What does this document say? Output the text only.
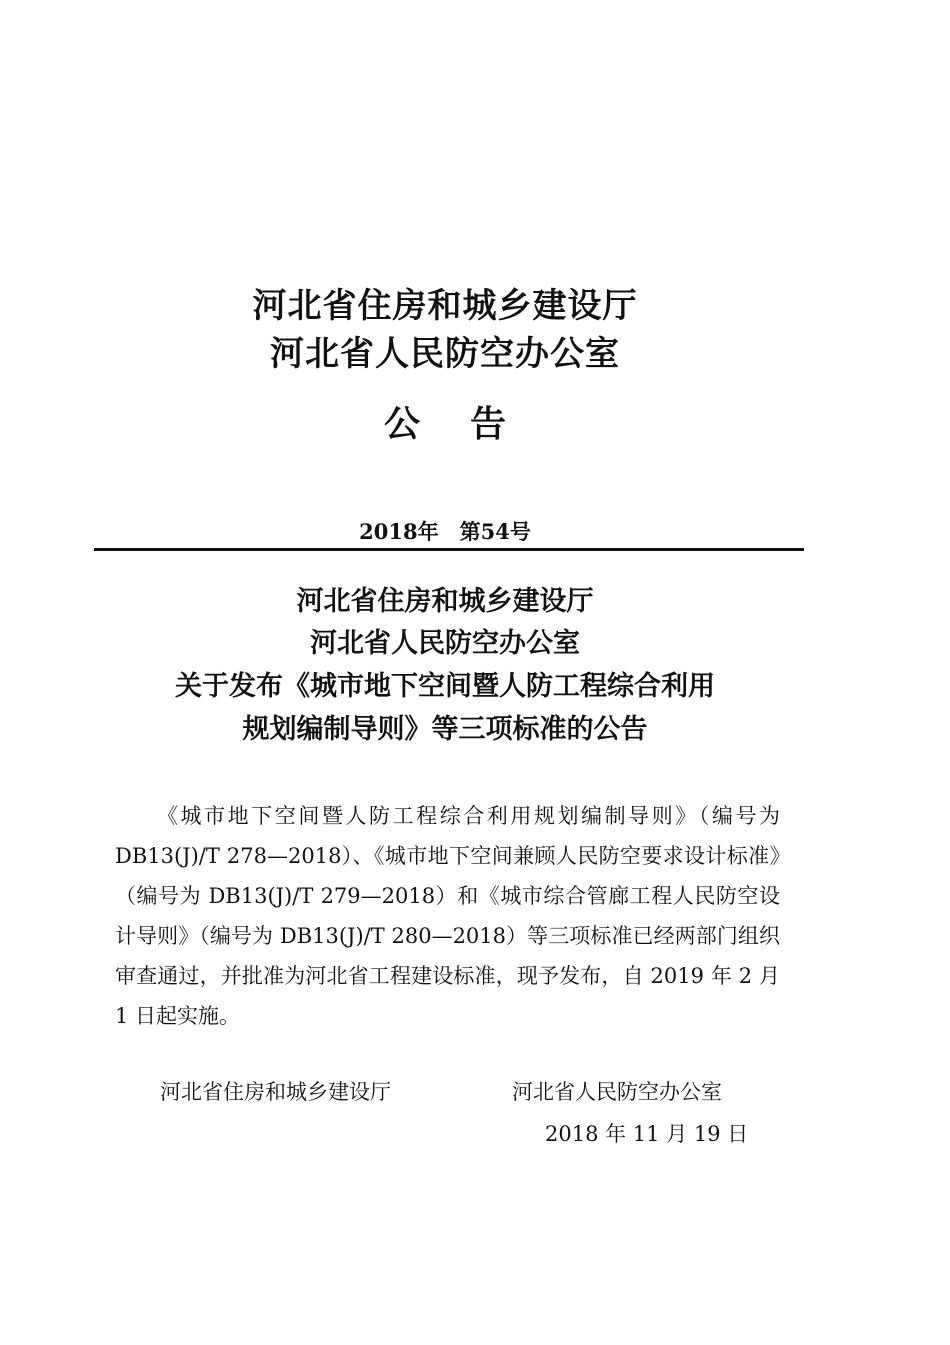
河北省住房和城乡建设厅
河北省人民防空办公室
公 告
2018年　第54号
河北省住房和城乡建设厅
河北省人民防空办公室
关于发布《城市地下空间暨人防工程综合利用
规划编制导则》等三项标准的公告

《城市地下空间暨人防工程综合利用规划编制导则》（编号为 DB13(J)/T 278—2018）、《城市地下空间兼顾人民防空要求设计标准》（编号为 DB13(J)/T 279—2018）和《城市综合管廊工程人民防空设计导则》（编号为 DB13(J)/T 280—2018）等三项标准已经两部门组织审查通过，并批准为河北省工程建设标准，现予发布，自 2019 年 2 月 1 日起实施。

河北省住房和城乡建设厅	河北省人民防空办公室
2018 年 11 月 19 日
